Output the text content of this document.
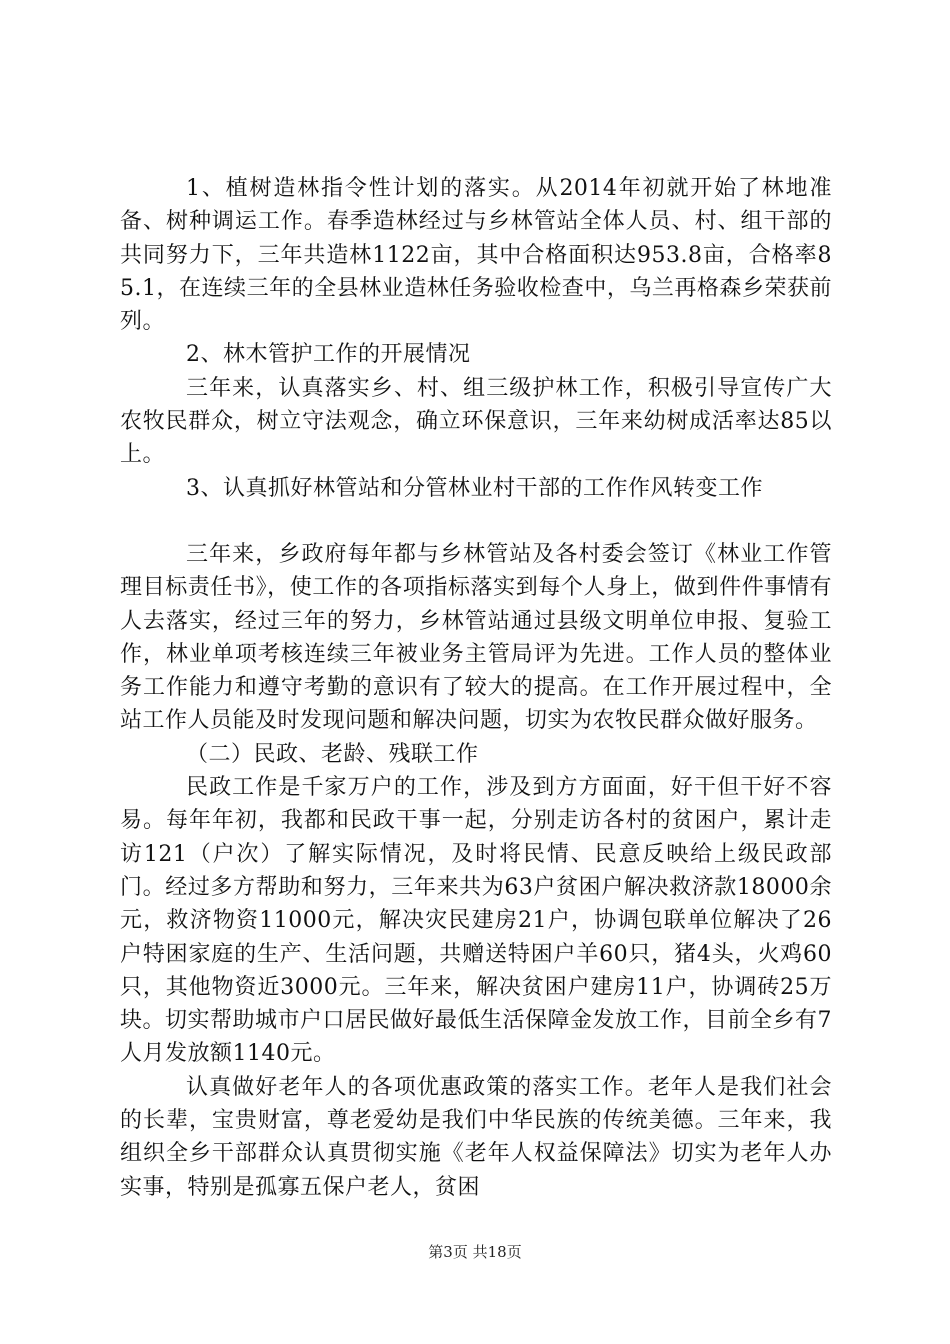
1、植树造林指令性计划的落实。从2014年初就开始了林地准备、树种调运工作。春季造林经过与乡林管站全体人员、村、组干部的共同努力下，三年共造林1122亩，其中合格面积达953.8亩，合格率85.1，在连续三年的全县林业造林任务验收检查中，乌兰再格森乡荣获前列。

2、林木管护工作的开展情况

三年来，认真落实乡、村、组三级护林工作，积极引导宣传广大农牧民群众，树立守法观念，确立环保意识，三年来幼树成活率达85以上。

3、认真抓好林管站和分管林业村干部的工作作风转变工作

三年来，乡政府每年都与乡林管站及各村委会签订《林业工作管理目标责任书》，使工作的各项指标落实到每个人身上，做到件件事情有人去落实，经过三年的努力，乡林管站通过县级文明单位申报、复验工作，林业单项考核连续三年被业务主管局评为先进。工作人员的整体业务工作能力和遵守考勤的意识有了较大的提高。在工作开展过程中，全站工作人员能及时发现问题和解决问题，切实为农牧民群众做好服务。

（二）民政、老龄、残联工作

民政工作是千家万户的工作，涉及到方方面面，好干但干好不容易。每年年初，我都和民政干事一起，分别走访各村的贫困户，累计走访121（户次）了解实际情况，及时将民情、民意反映给上级民政部门。经过多方帮助和努力，三年来共为63户贫困户解决救济款18000余元，救济物资11000元，解决灾民建房21户，协调包联单位解决了26户特困家庭的生产、生活问题，共赠送特困户羊60只，猪4头，火鸡60只，其他物资近3000元。三年来，解决贫困户建房11户，协调砖25万块。切实帮助城市户口居民做好最低生活保障金发放工作，目前全乡有7人月发放额1140元。

认真做好老年人的各项优惠政策的落实工作。老年人是我们社会的长辈，宝贵财富，尊老爱幼是我们中华民族的传统美德。三年来，我组织全乡干部群众认真贯彻实施《老年人权益保障法》切实为老年人办实事，特别是孤寡五保户老人，贫困

第3页 共18页
